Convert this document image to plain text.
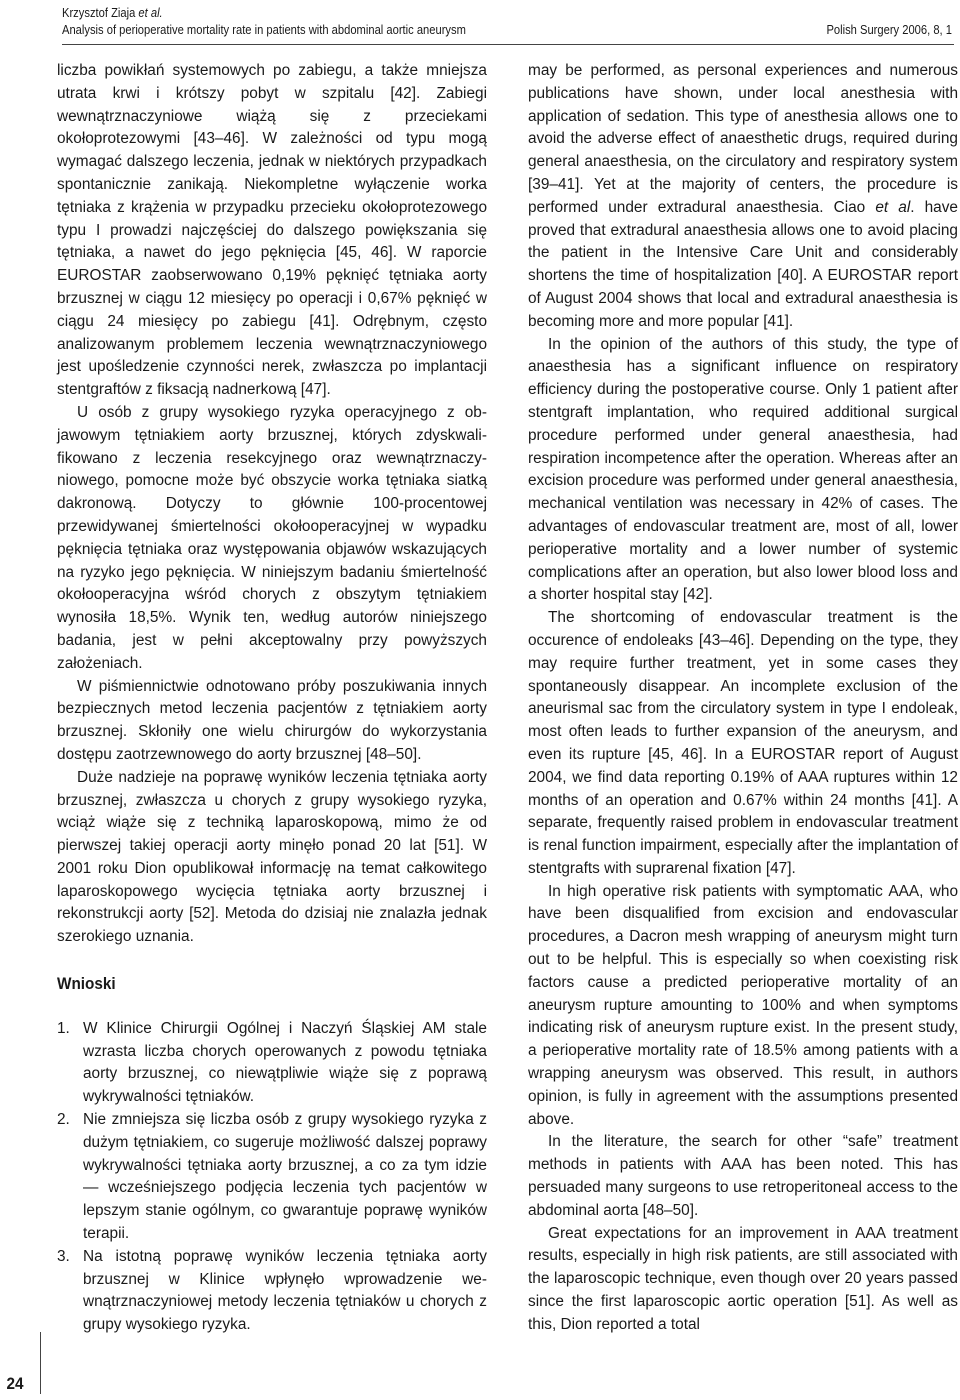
Krzysztof Ziaja et al.
Analysis of perioperative mortality rate in patients with abdominal aortic aneurysm	Polish Surgery 2006, 8, 1

liczba powikłań systemowych po zabiegu, a także mniejsza utrata krwi i krótszy pobyt w szpitalu [42]. Zabiegi wewnątrznaczyniowe wiążą się z przeciekami okołoprotezowymi [43–46]. W zależności od typu mogą wymagać dalszego leczenia, jednak w niektórych przypadkach spontanicznie zanikają. Niekompletne wyłączenie worka tętniaka z krążenia w przypadku przecieku okołoprotezowego typu I prowadzi najczęściej do dalszego powiększania się tętniaka, a nawet do jego pęknięcia [45, 46]. W raporcie EUROSTAR zaobserwowano 0,19% pęknięć tętniaka aorty brzusznej w ciągu 12 miesięcy po operacji i 0,67% pęknięć w ciągu 24 miesięcy po zabiegu [41]. Odrębnym, często analizowanym problemem leczenia wewnątrznaczyniowego jest upośledzenie czynności nerek, zwłaszcza po implantacji stentgraftów z fiksacją nadnerkową [47].

U osób z grupy wysokiego ryzyka operacyjnego z objawowym tętniakiem aorty brzusznej, których zdyskwalifikowano z leczenia resekcyjnego oraz wewnątrznaczyniowego, pomocne może być obszycie worka tętniaka siatką dakronową. Dotyczy to głównie 100-procentowej przewidywanej śmiertelności okołooperacyjnej w wypadku pęknięcia tętniaka oraz występowania objawów wskazujących na ryzyko jego pęknięcia. W niniejszym badaniu śmiertelność okołooperacyjna wśród chorych z obszytym tętniakiem wynosiła 18,5%. Wynik ten, według autorów niniejszego badania, jest w pełni akceptowalny przy powyższych założeniach.

W piśmiennictwie odnotowano próby poszukiwania innych bezpiecznych metod leczenia pacjentów z tętniakiem aorty brzusznej. Skłoniły one wielu chirurgów do wykorzystania dostępu zaotrzewnowego do aorty brzusznej [48–50].

Duże nadzieje na poprawę wyników leczenia tętniaka aorty brzusznej, zwłaszcza u chorych z grupy wysokiego ryzyka, wciąż wiąże się z techniką laparoskopową, mimo że od pierwszej takiej operacji aorty minęło ponad 20 lat [51]. W 2001 roku Dion opublikował informację na temat całkowitego laparoskopowego wycięcia tętniaka aorty brzusznej i rekonstrukcji aorty [52]. Metoda do dzisiaj nie znalazła jednak szerokiego uznania.

Wnioski
1. W Klinice Chirurgii Ogólnej i Naczyń Śląskiej AM stale wzrasta liczba chorych operowanych z powodu tętniaka aorty brzusznej, co niewątpliwie wiąże się z poprawą wykrywalności tętniaków.
2. Nie zmniejsza się liczba osób z grupy wysokiego ryzyka z dużym tętniakiem, co sugeruje możliwość dalszej poprawy wykrywalności tętniaka aorty brzusznej, a co za tym idzie — wcześniejszego podjęcia leczenia tych pacjentów w lepszym stanie ogólnym, co gwarantuje poprawę wyników terapii.
3. Na istotną poprawę wyników leczenia tętniaka aorty brzusznej w Klinice wpłynęło wprowadzenie wewnątrznaczyniowej metody leczenia tętniaków u chorych z grupy wysokiego ryzyka.

may be performed, as personal experiences and numerous publications have shown, under local anesthesia with application of sedation. This type of anesthesia allows one to avoid the adverse effect of anaesthetic drugs, required during general anaesthesia, on the circulatory and respiratory system [39–41]. Yet at the majority of centers, the procedure is performed under extradural anaesthesia. Ciao et al. have proved that extradural anaesthesia allows one to avoid placing the patient in the Intensive Care Unit and considerably shortens the time of hospitalization [40]. A EUROSTAR report of August 2004 shows that local and extradural anaesthesia is becoming more and more popular [41].

In the opinion of the authors of this study, the type of anaesthesia has a significant influence on respiratory efficiency during the postoperative course. Only 1 patient after stentgraft implantation, who required additional surgical procedure performed under general anaesthesia, had respiration incompetence after the operation. Whereas after an excision procedure was performed under general anaesthesia, mechanical ventilation was necessary in 42% of cases. The advantages of endovascular treatment are, most of all, lower perioperative mortality and a lower number of systemic complications after an operation, but also lower blood loss and a shorter hospital stay [42].

The shortcoming of endovascular treatment is the occurence of endoleaks [43–46]. Depending on the type, they may require further treatment, yet in some cases they spontaneously disappear. An incomplete exclusion of the aneurismal sac from the circulatory system in type I endoleak, most often leads to further expansion of the aneurysm, and even its rupture [45, 46]. In a EUROSTAR report of August 2004, we find data reporting 0.19% of AAA ruptures within 12 months of an operation and 0.67% within 24 months [41]. A separate, frequently raised problem in endovascular treatment is renal function impairment, especially after the implantation of stentgrafts with suprarenal fixation [47].

In high operative risk patients with symptomatic AAA, who have been disqualified from excision and endovascular procedures, a Dacron mesh wrapping of aneurysm might turn out to be helpful. This is especially so when coexisting risk factors cause a predicted perioperative mortality of an aneurysm rupture amounting to 100% and when symptoms indicating risk of aneurysm rupture exist. In the present study, a perioperative mortality rate of 18.5% among patients with a wrapping aneurysm was observed. This result, in authors opinion, is fully in agreement with the assumptions presented above.

In the literature, the search for other “safe” treatment methods in patients with AAA has been noted. This has persuaded many surgeons to use retroperitoneal access to the abdominal aorta [48–50].

Great expectations for an improvement in AAA treatment results, especially in high risk patients, are still associated with the laparoscopic technique, even though over 20 years passed since the first laparoscopic aortic operation [51]. As well as this, Dion reported a total

24
